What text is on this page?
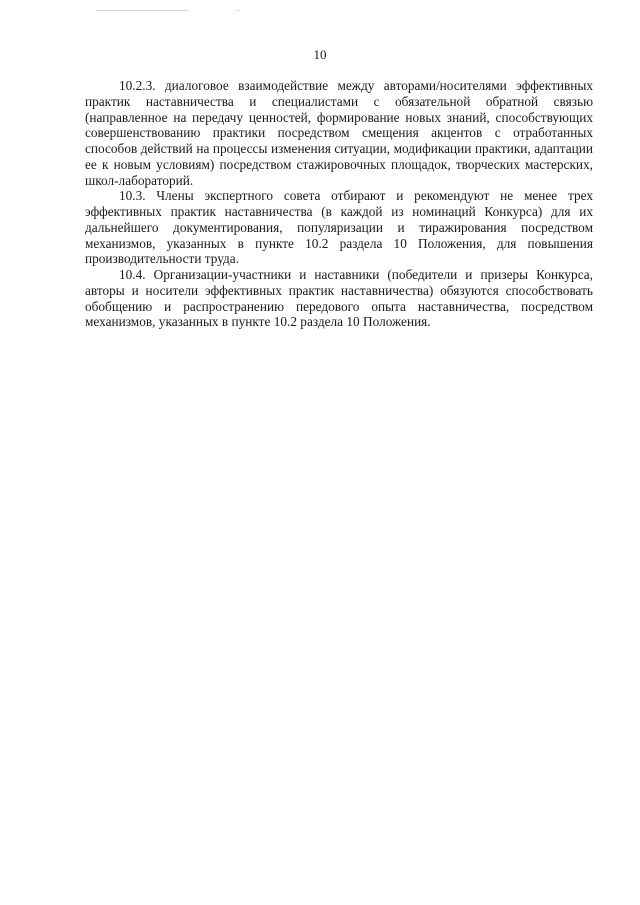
10

10.2.3. диалоговое взаимодействие между авторами/носителями эффективных практик наставничества и специалистами с обязательной обратной связью (направленное на передачу ценностей, формирование новых знаний, способствующих совершенствованию практики посредством смещения акцентов с отработанных способов действий на процессы изменения ситуации, модификации практики, адаптации ее к новым условиям) посредством стажировочных площадок, творческих мастерских, школ-лабораторий.

10.3. Члены экспертного совета отбирают и рекомендуют не менее трех эффективных практик наставничества (в каждой из номинаций Конкурса) для их дальнейшего документирования, популяризации и тиражирования посредством механизмов, указанных в пункте 10.2 раздела 10 Положения, для повышения производительности труда.

10.4. Организации-участники и наставники (победители и призеры Конкурса, авторы и носители эффективных практик наставничества) обязуются способствовать обобщению и распространению передового опыта наставничества, посредством механизмов, указанных в пункте 10.2 раздела 10 Положения.
